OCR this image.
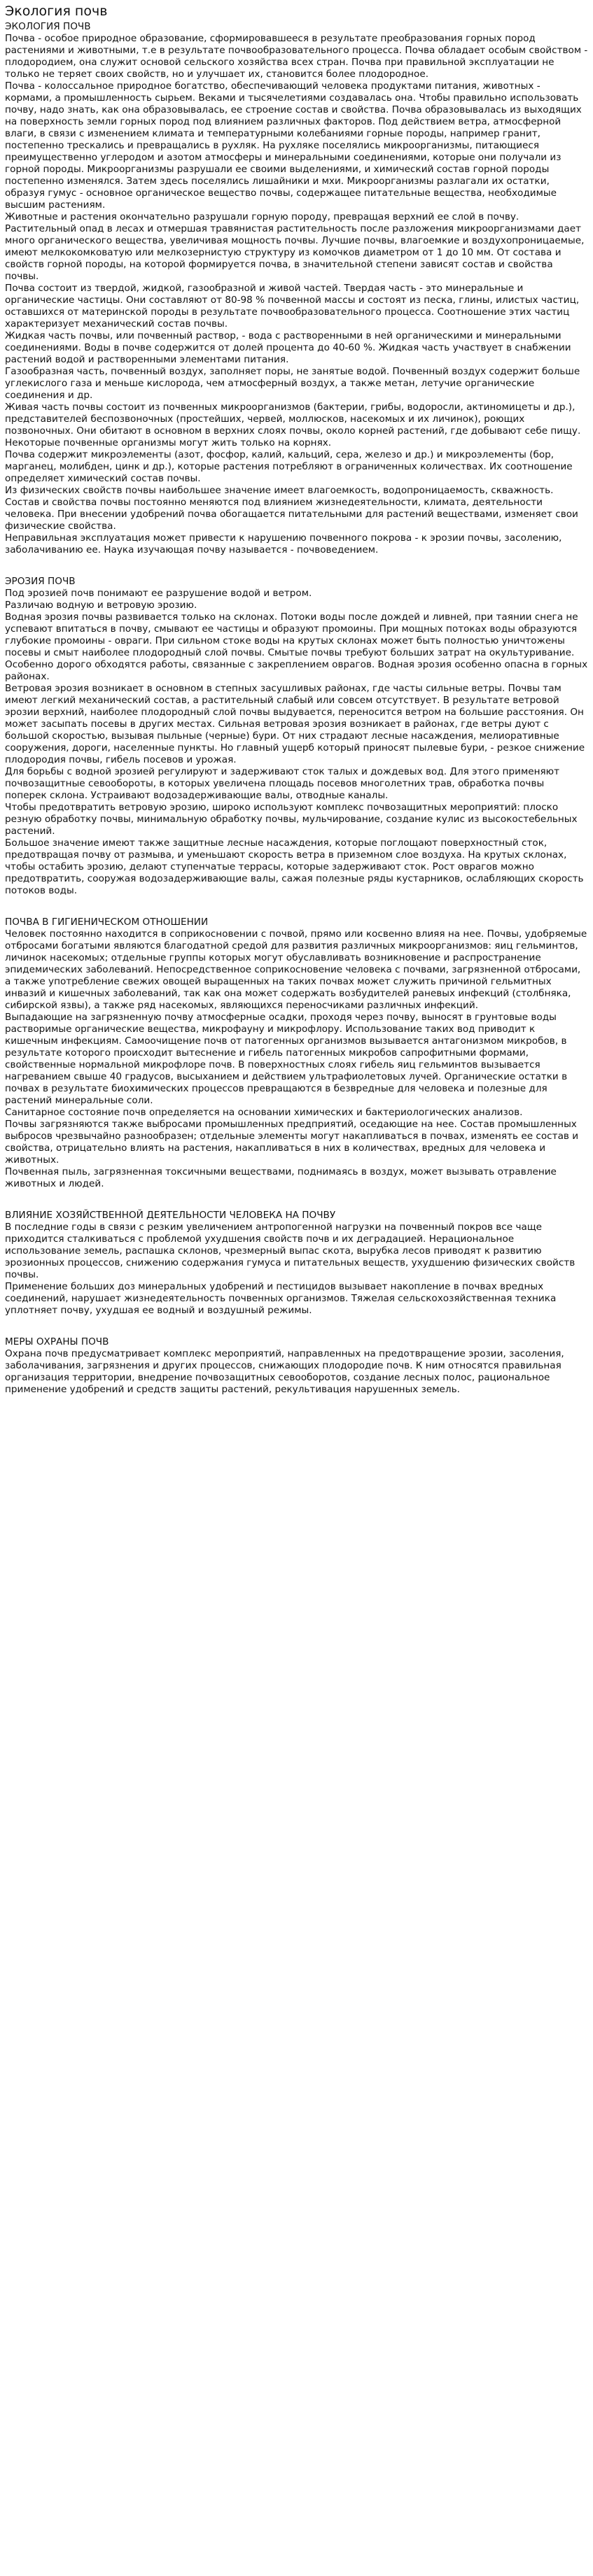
Экология почв
ЭКОЛОГИЯ ПОЧВ

Почва - особое природное образование, сформировавшееся в результате преобразования горных пород растениями и животными, т.е в результате почвообразовательного процесса. Почва обладает особым свойством - плодородием, она служит основой сельского хозяйства всех стран. Почва при правильной эксплуатации не только не теряет своих свойств, но и улучшает их, становится более плодородное.

Почва - колоссальное природное богатство, обеспечивающий человека продуктами питания, животных - кормами, а промышленность сырьем. Веками и тысячелетиями создавалась она. Чтобы правильно использовать почву, надо знать, как она образовывалась, ее строение состав и свойства. Почва образовывалась из выходящих на поверхность земли горных пород под влиянием различных факторов. Под действием ветра, атмосферной влаги, в связи с изменением климата и температурными колебаниями горные породы, например гранит, постепенно трескались и превращались в рухляк. На рухляке поселялись микроорганизмы, питающиеся преимущественно углеродом и азотом атмосферы и минеральными соединениями, которые они получали из горной породы. Микроорганизмы разрушали ее своими выделениями, и химический состав горной породы постепенно изменялся. Затем здесь поселялись лишайники и мхи. Микроорганизмы разлагали их остатки, образуя гумус - основное органическое вещество почвы, содержащее питательные вещества, необходимые высшим растениям.

Животные и растения окончательно разрушали горную породу, превращая верхний ее слой в почву. Растительный опад в лесах и отмершая травянистая растительность после разложения микроорганизмами дает много органического вещества, увеличивая мощность почвы. Лучшие почвы, влагоемкие и воздухопроницаемые, имеют мелкокомковатую или мелкозернистую структуру из комочков диаметром от 1 до 10 мм. От состава и свойств горной породы, на которой формируется почва, в значительной степени зависят состав и свойства почвы.

Почва состоит из твердой, жидкой, газообразной и живой частей. Твердая часть - это минеральные и органические частицы. Они составляют от 80-98 % почвенной массы и состоят из песка, глины, илистых частиц, оставшихся от материнской породы в результате почвообразовательного процесса. Соотношение этих частиц характеризует механический состав почвы.

Жидкая часть почвы, или почвенный раствор, - вода с растворенными в ней органическими и минеральными соединениями. Воды в почве содержится от долей процента до 40-60 %. Жидкая часть участвует в снабжении растений водой и растворенными элементами питания.

Газообразная часть, почвенный воздух, заполняет поры, не занятые водой. Почвенный воздух содержит больше углекислого газа и меньше кислорода, чем атмосферный воздух, а также метан, летучие органические соединения и др.

Живая часть почвы состоит из почвенных микроорганизмов (бактерии, грибы, водоросли, актиномицеты и др.), представителей беспозвоночных (простейших, червей, моллюсков, насекомых и их личинок), роющих позвоночных. Они обитают в основном в верхних слоях почвы, около корней растений, где добывают себе пищу. Некоторые почвенные организмы могут жить только на корнях.

Почва содержит микроэлементы (азот, фосфор, калий, кальций, сера, железо и др.) и микроэлементы (бор, марганец, молибден, цинк и др.), которые растения потребляют в ограниченных количествах. Их соотношение определяет химический состав почвы.

Из физических свойств почвы наибольшее значение имеет влагоемкость, водопроницаемость, скважность. Состав и свойства почвы постоянно меняются под влиянием жизнедеятельности, климата, деятельности человека. При внесении удобрений почва обогащается питательными для растений веществами, изменяет свои физические свойства.

Неправильная эксплуатация может привести к нарушению почвенного покрова - к эрозии почвы, засолению, заболачиванию ее. Наука изучающая почву называется - почвоведением.

ЭРОЗИЯ ПОЧВ

Под эрозией почв понимают ее разрушение водой и ветром.

Различаю водную и ветровую эрозию.

Водная эрозия почвы развивается только на склонах. Потоки воды после дождей и ливней, при таянии снега не успевают впитаться в почву, смывают ее частицы и образуют промоины. При мощных потоках воды образуются глубокие промоины - овраги. При сильном стоке воды на крутых склонах может быть полностью уничтожены посевы и смыт наиболее плодородный слой почвы. Смытые почвы требуют больших затрат на окультуривание. Особенно дорого обходятся работы, связанные с закреплением оврагов. Водная эрозия особенно опасна в горных районах.

Ветровая эрозия возникает в основном в степных засушливых районах, где часты сильные ветры. Почвы там имеют легкий механический состав, а растительный слабый или совсем отсутствует. В результате ветровой эрозии верхний, наиболее плодородный слой почвы выдувается, переносится ветром на большие расстояния. Он может засыпать посевы в других местах. Сильная ветровая эрозия возникает в районах, где ветры дуют с большой скоростью, вызывая пыльные (черные) бури. От них страдают лесные насаждения, мелиоративные сооружения, дороги, населенные пункты. Но главный ущерб который приносят пылевые бури, - резкое снижение плодородия почвы, гибель посевов и урожая.

Для борьбы с водной эрозией регулируют и задерживают сток талых и дождевых вод. Для этого применяют почвозащитные севообороты, в которых увеличена площадь посевов многолетних трав, обработка почвы поперек склона. Устраивают водозадерживающие валы, отводные каналы.

Чтобы предотвратить ветровую эрозию, широко используют комплекс почвозащитных мероприятий: плоско резную обработку почвы, минимальную обработку почвы, мульчирование, создание кулис из высокостебельных растений.

Большое значение имеют также защитные лесные насаждения, которые поглощают поверхностный сток, предотвращая почву от размыва, и уменьшают скорость ветра в приземном слое воздуха. На крутых склонах, чтобы остабить эрозию, делают ступенчатые террасы, которые задерживают сток. Рост оврагов можно предотвратить, сооружая водозадерживающие валы, сажая полезные ряды кустарников, ослабляющих скорость потоков воды.

ПОЧВА В ГИГИЕНИЧЕСКОМ ОТНОШЕНИИ

Человек постоянно находится в соприкосновении с почвой, прямо или косвенно влияя на нее. Почвы, удобряемые отбросами богатыми являются благодатной средой для развития различных микроорганизмов: яиц гельминтов, личинок насекомых; отдельные группы которых могут обуславливать возникновение и распространение эпидемических заболеваний. Непосредственное соприкосновение человека с почвами, загрязненной отбросами, а также употребление свежих овощей выращенных на таких почвах может служить причиной гельмитных инвазий и кишечных заболеваний, так как она может содержать возбудителей раневых инфекций (столбняка, сибирской язвы), а также ряд насекомых, являющихся переносчиками различных инфекций.

Выпадающие на загрязненную почву атмосферные осадки, проходя через почву, выносят в грунтовые воды растворимые органические вещества, микрофауну и микрофлору. Использование таких вод приводит к кишечным инфекциям. Самоочищение почв от патогенных организмов вызывается антагонизмом микробов, в результате которого происходит вытеснение и гибель патогенных микробов сапрофитными формами, свойственные нормальной микрофлоре почв. В поверхностных слоях гибель яиц гельминтов вызывается нагреванием свыше 40 градусов, высыханием и действием ультрафиолетовых лучей. Органические остатки в почвах в результате биохимических процессов превращаются в безвредные для человека и полезные для растений минеральные соли.

Санитарное состояние почв определяется на основании химических и бактериологических анализов.

Почвы загрязняются также выбросами промышленных предприятий, оседающие на нее. Состав промышленных выбросов чрезвычайно разнообразен; отдельные элементы могут накапливаться в почвах, изменять ее состав и свойства, отрицательно влиять на растения, накапливаться в них в количествах, вредных для человека и животных.

Почвенная пыль, загрязненная токсичными веществами, поднимаясь в воздух, может вызывать отравление животных и людей.

ВЛИЯНИЕ ХОЗЯЙСТВЕННОЙ ДЕЯТЕЛЬНОСТИ ЧЕЛОВЕКА НА ПОЧВУ

В последние годы в связи с резким увеличением антропогенной нагрузки на почвенный покров все чаще приходится сталкиваться с проблемой ухудшения свойств почв и их деградацией. Нерациональное использование земель, распашка склонов, чрезмерный выпас скота, вырубка лесов приводят к развитию эрозионных процессов, снижению содержания гумуса и питательных веществ, ухудшению физических свойств почвы.

Применение больших доз минеральных удобрений и пестицидов вызывает накопление в почвах вредных соединений, нарушает жизнедеятельность почвенных организмов. Тяжелая сельскохозяйственная техника уплотняет почву, ухудшая ее водный и воздушный режимы.

МЕРЫ ОХРАНЫ ПОЧВ

Охрана почв предусматривает комплекс мероприятий, направленных на предотвращение эрозии, засоления, заболачивания, загрязнения и других процессов, снижающих плодородие почв. К ним относятся правильная организация территории, внедрение почвозащитных севооборотов, создание лесных полос, рациональное применение удобрений и средств защиты растений, рекультивация нарушенных земель.
